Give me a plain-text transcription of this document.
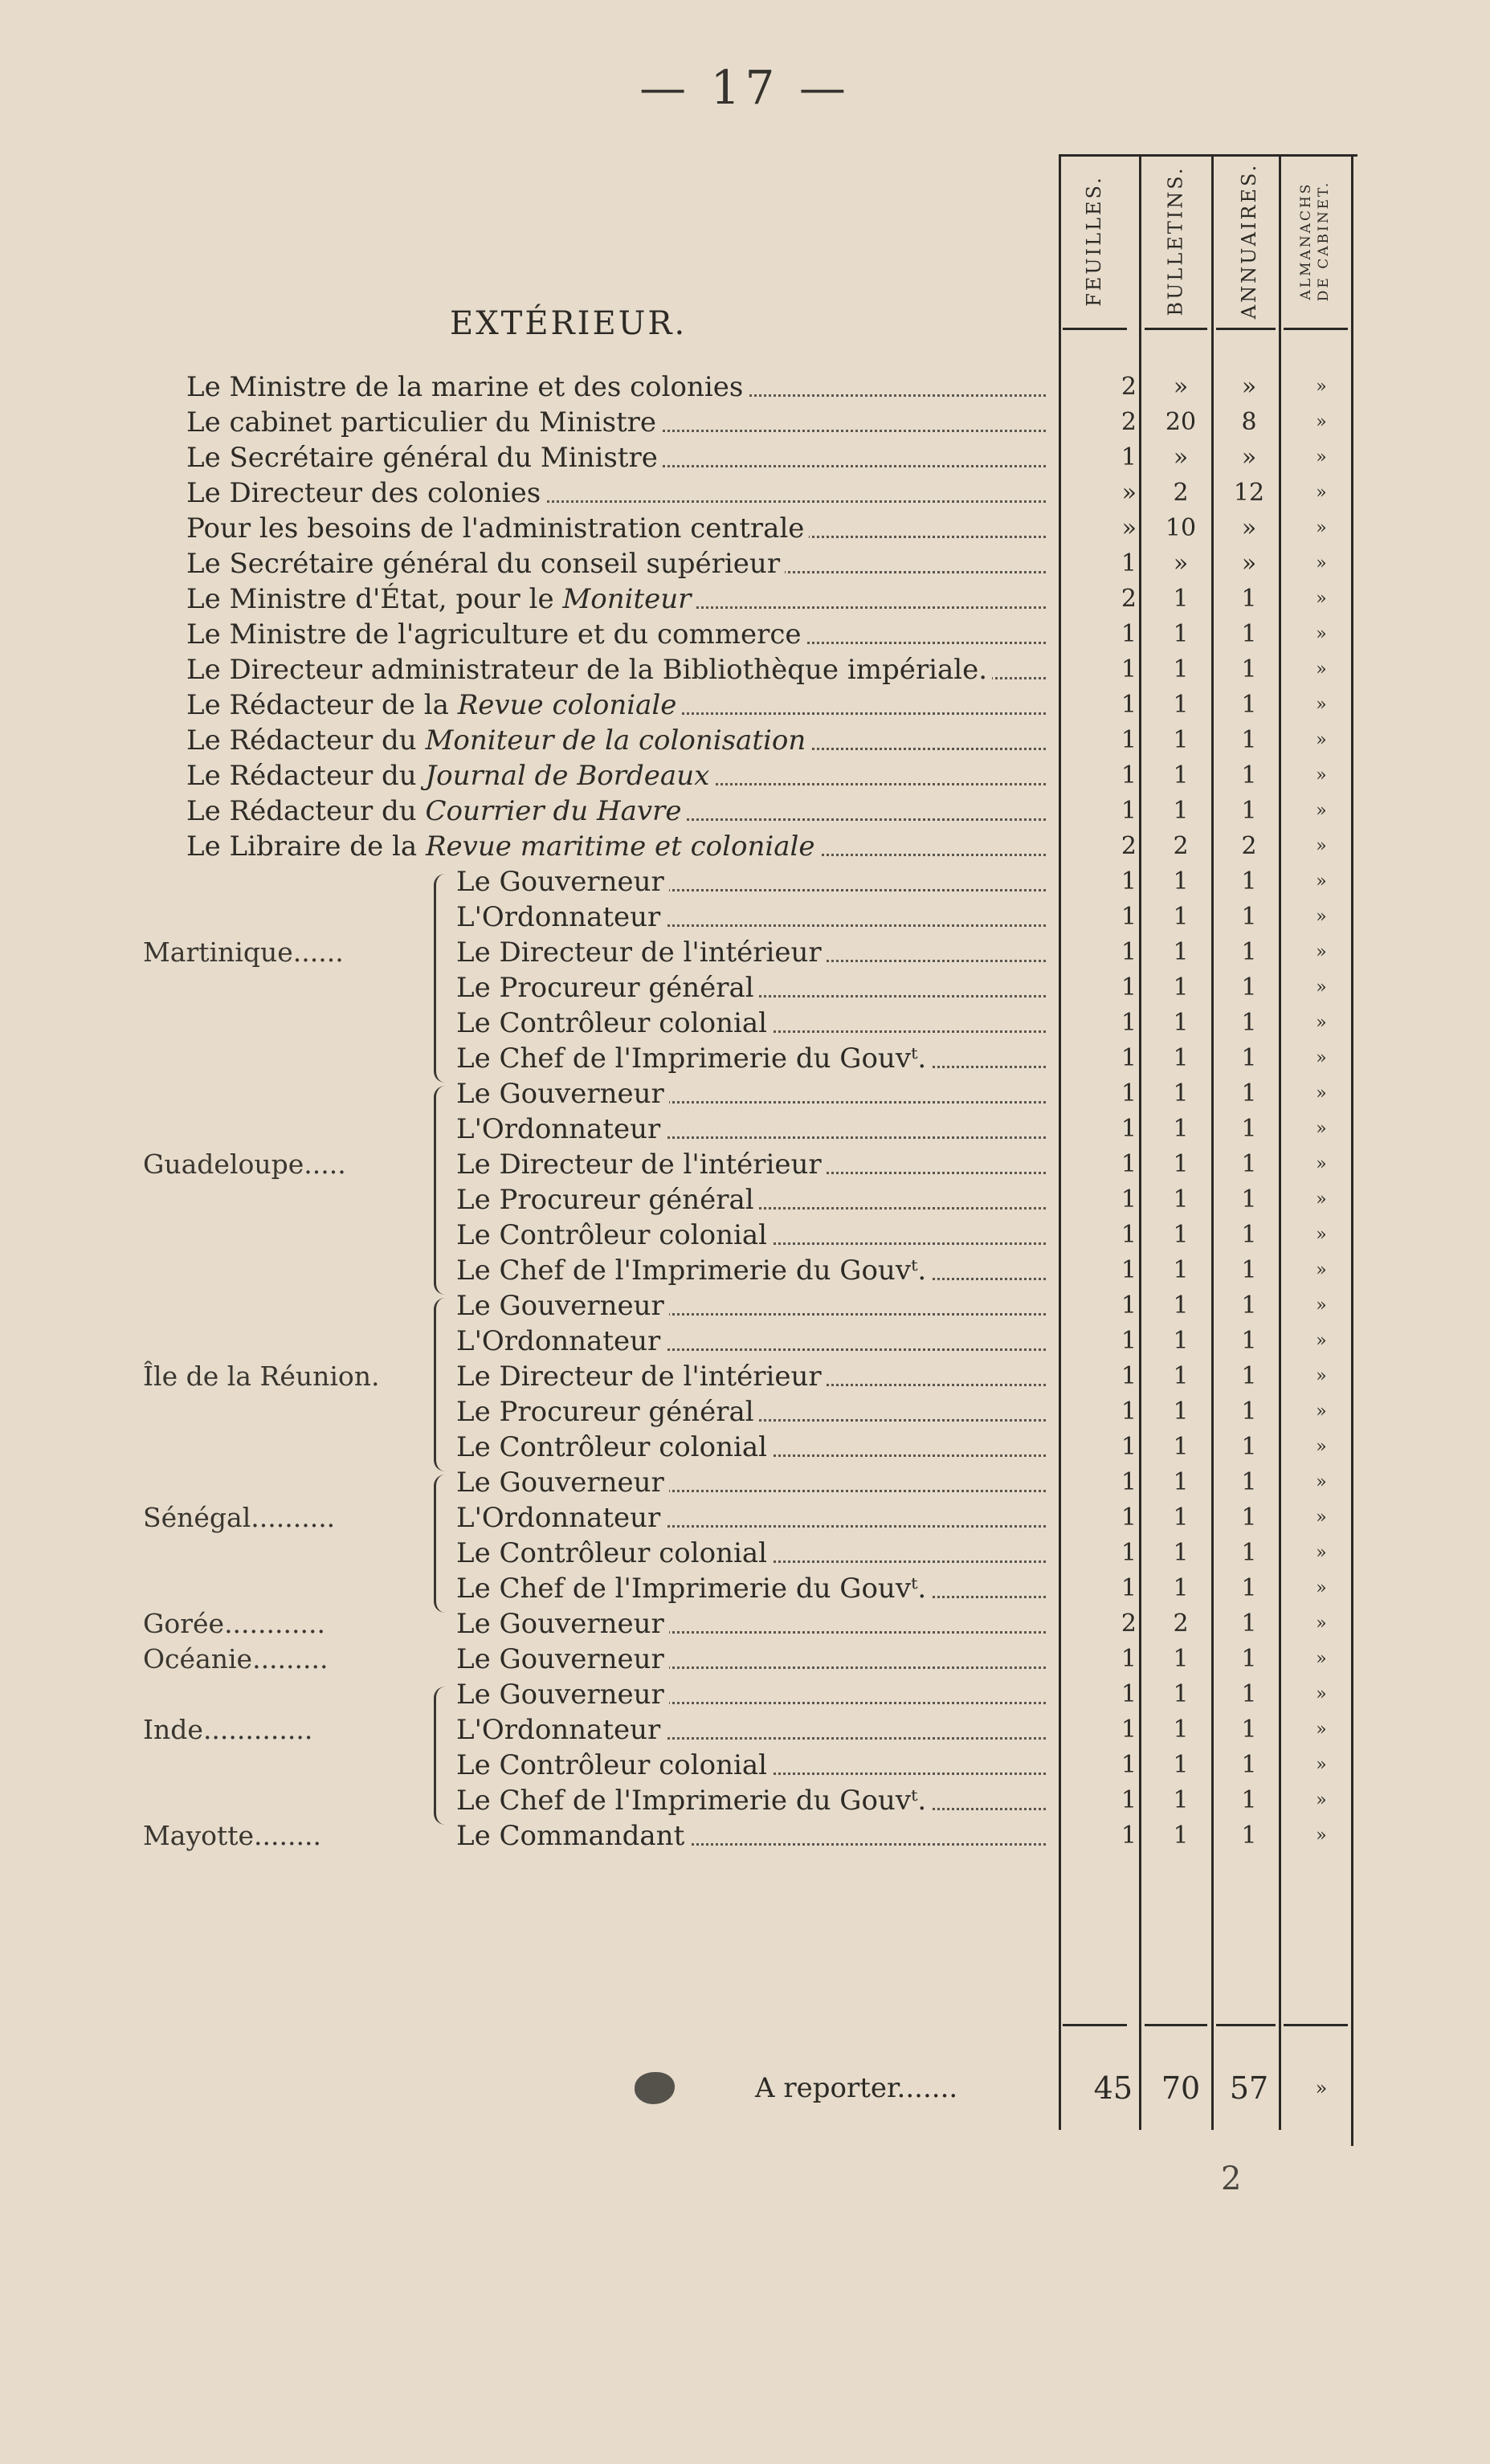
— 17 —
EXTÉRIEUR.
FEUILLES.	BULLETINS.	ANNUAIRES.	ALMANACHS DE CABINET.
Le Ministre de la marine et des colonies	2	»	»	»
Le cabinet particulier du Ministre	2	20	8	»
Le Secrétaire général du Ministre	1	»	»	»
Le Directeur des colonies	»	2	12	»
Pour les besoins de l'administration centrale	»	10	»	»
Le Secrétaire général du conseil supérieur	1	»	»	»
Le Ministre d'État, pour le Moniteur	2	1	1	»
Le Ministre de l'agriculture et du commerce	1	1	1	»
Le Directeur administrateur de la Bibliothèque impériale.	1	1	1	»
Le Rédacteur de la Revue coloniale	1	1	1	»
Le Rédacteur du Moniteur de la colonisation	1	1	1	»
Le Rédacteur du Journal de Bordeaux	1	1	1	»
Le Rédacteur du Courrier du Havre	1	1	1	»
Le Libraire de la Revue maritime et coloniale	2	2	2	»
Le Gouverneur	1	1	1	»
L'Ordonnateur	1	1	1	»
Martinique......	Le Directeur de l'intérieur	1	1	1	»
Le Procureur général	1	1	1	»
Le Contrôleur colonial	1	1	1	»
Le Chef de l'Imprimerie du Gouvᵗ.	1	1	1	»
Le Gouverneur	1	1	1	»
L'Ordonnateur	1	1	1	»
Guadeloupe.....	Le Directeur de l'intérieur	1	1	1	»
Le Procureur général	1	1	1	»
Le Contrôleur colonial	1	1	1	»
Le Chef de l'Imprimerie du Gouvᵗ.	1	1	1	»
Le Gouverneur	1	1	1	»
L'Ordonnateur	1	1	1	»
Île de la Réunion.	Le Directeur de l'intérieur	1	1	1	»
Le Procureur général	1	1	1	»
Le Contrôleur colonial	1	1	1	»
Le Gouverneur	1	1	1	»
Sénégal..........	L'Ordonnateur	1	1	1	»
Le Contrôleur colonial	1	1	1	»
Le Chef de l'Imprimerie du Gouvᵗ.	1	1	1	»
Gorée............	Le Gouverneur	2	2	1	»
Océanie.........	Le Gouverneur	1	1	1	»
Le Gouverneur	1	1	1	»
Inde.............	L'Ordonnateur	1	1	1	»
Le Contrôleur colonial	1	1	1	»
Le Chef de l'Imprimerie du Gouvᵗ.	1	1	1	»
Mayotte........	Le Commandant	1	1	1	»
A reporter.......	45 70 57	»
2
